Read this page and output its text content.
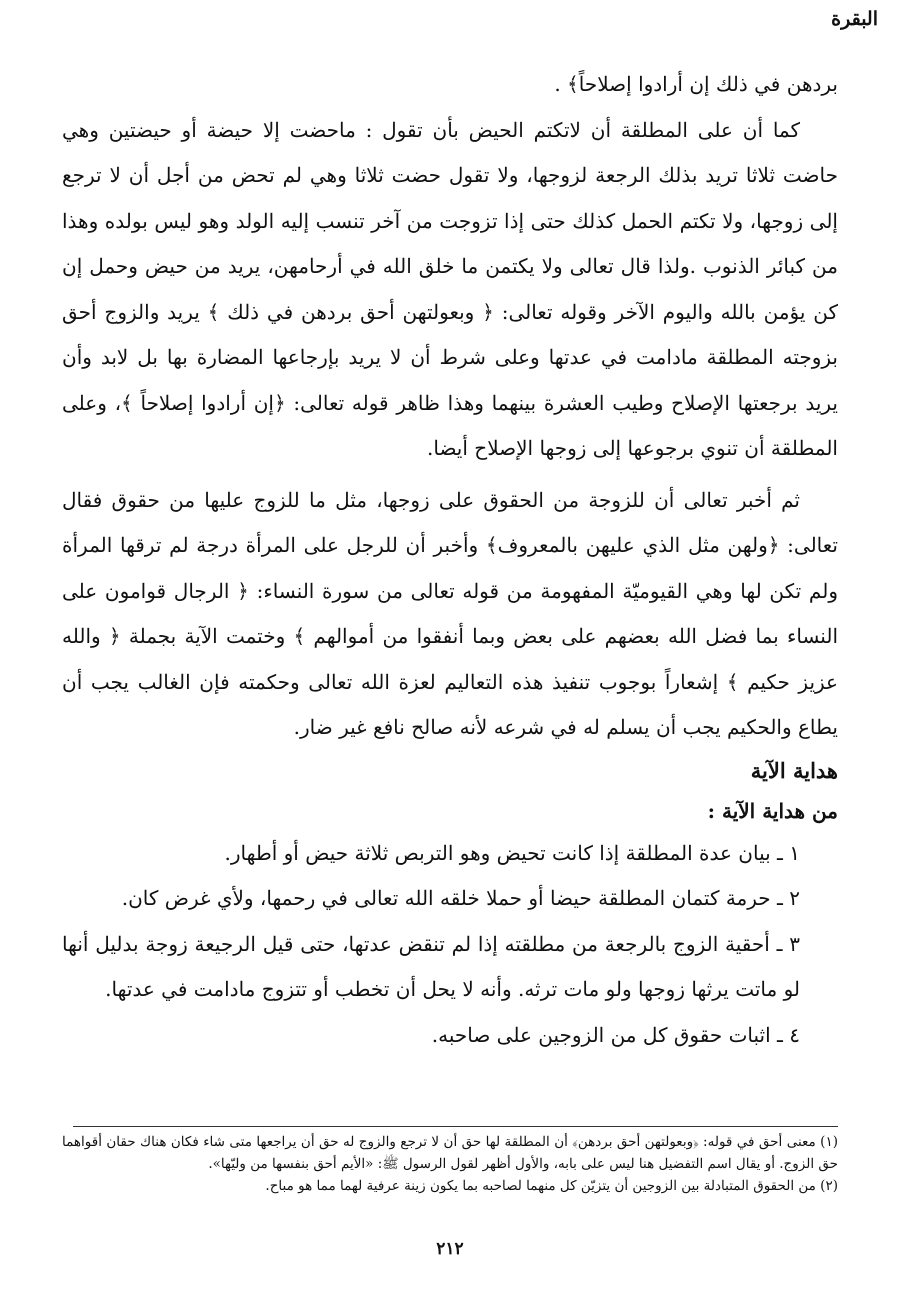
البقرة

بردهن في ذلك إن أرادوا إصلاحاً﴾ .

كما أن على المطلقة أن لاتكتم الحيض بأن تقول : ماحضت إلا حيضة أو حيضتين وهي حاضت ثلاثا تريد بذلك الرجعة لزوجها، ولا تقول حضت ثلاثا وهي لم تحض من أجل أن لا ترجع إلى زوجها، ولا تكتم الحمل كذلك حتى إذا تزوجت من آخر تنسب إليه الولد وهو ليس بولده وهذا من كبائر الذنوب .ولذا قال تعالى ولا يكتمن ما خلق الله في أرحامهن، يريد من حيض وحمل إن كن يؤمن بالله واليوم الآخر وقوله تعالى: ﴿ وبعولتهن أحق بردهن في ذلك ﴾ يريد والزوج أحق بزوجته المطلقة مادامت في عدتها وعلى شرط أن لا يريد بإرجاعها المضارة بها بل لابد وأن يريد برجعتها الإصلاح وطيب العشرة بينهما وهذا ظاهر قوله تعالى: ﴿إن أرادوا إصلاحاً ﴾، وعلى المطلقة أن تنوي برجوعها إلى زوجها الإصلاح أيضا.

ثم أخبر تعالى أن للزوجة من الحقوق على زوجها، مثل ما للزوج عليها من حقوق فقال تعالى: ﴿ولهن مثل الذي عليهن بالمعروف﴾ وأخبر أن للرجل على المرأة درجة لم ترقها المرأة ولم تكن لها وهي القيوميّة المفهومة من قوله تعالى من سورة النساء: ﴿ الرجال قوامون على النساء بما فضل الله بعضهم على بعض وبما أنفقوا من أموالهم ﴾ وختمت الآية بجملة ﴿ والله عزيز حكيم ﴾ إشعاراً بوجوب تنفيذ هذه التعاليم لعزة الله تعالى وحكمته فإن الغالب يجب أن يطاع والحكيم يجب أن يسلم له في شرعه لأنه صالح نافع غير ضار.

هداية الآية

من هداية الآية :

١ ـ بيان عدة المطلقة إذا كانت تحيض وهو التربص ثلاثة حيض أو أطهار.
٢ ـ حرمة كتمان المطلقة حيضا أو حملا خلقه الله تعالى في رحمها، ولأي غرض كان.
٣ ـ أحقية الزوج بالرجعة من مطلقته إذا لم تنقض عدتها، حتى قيل الرجيعة زوجة بدليل أنها لو ماتت يرثها زوجها ولو مات ترثه. وأنه لا يحل أن تخطب أو تتزوج مادامت في عدتها.
٤ ـ اثبات حقوق كل من الزوجين على صاحبه.

(١) معنى أحق في قوله: ﴿وبعولتهن أحق بردهن﴾ أن المطلقة لها حق أن لا ترجع والزوج له حق أن يراجعها متى شاء فكان هناك حقان أقواهما حق الزوج. أو يقال اسم التفضيل هنا ليس على بابه، والأول أظهر لقول الرسول ﷺ: «الأيم أحق بنفسها من وليّها».

(٢) من الحقوق المتبادلة بين الزوجين أن يتزيّن كل منهما لصاحبه بما يكون زينة عرفية لهما مما هو مباح.

٢١٢
